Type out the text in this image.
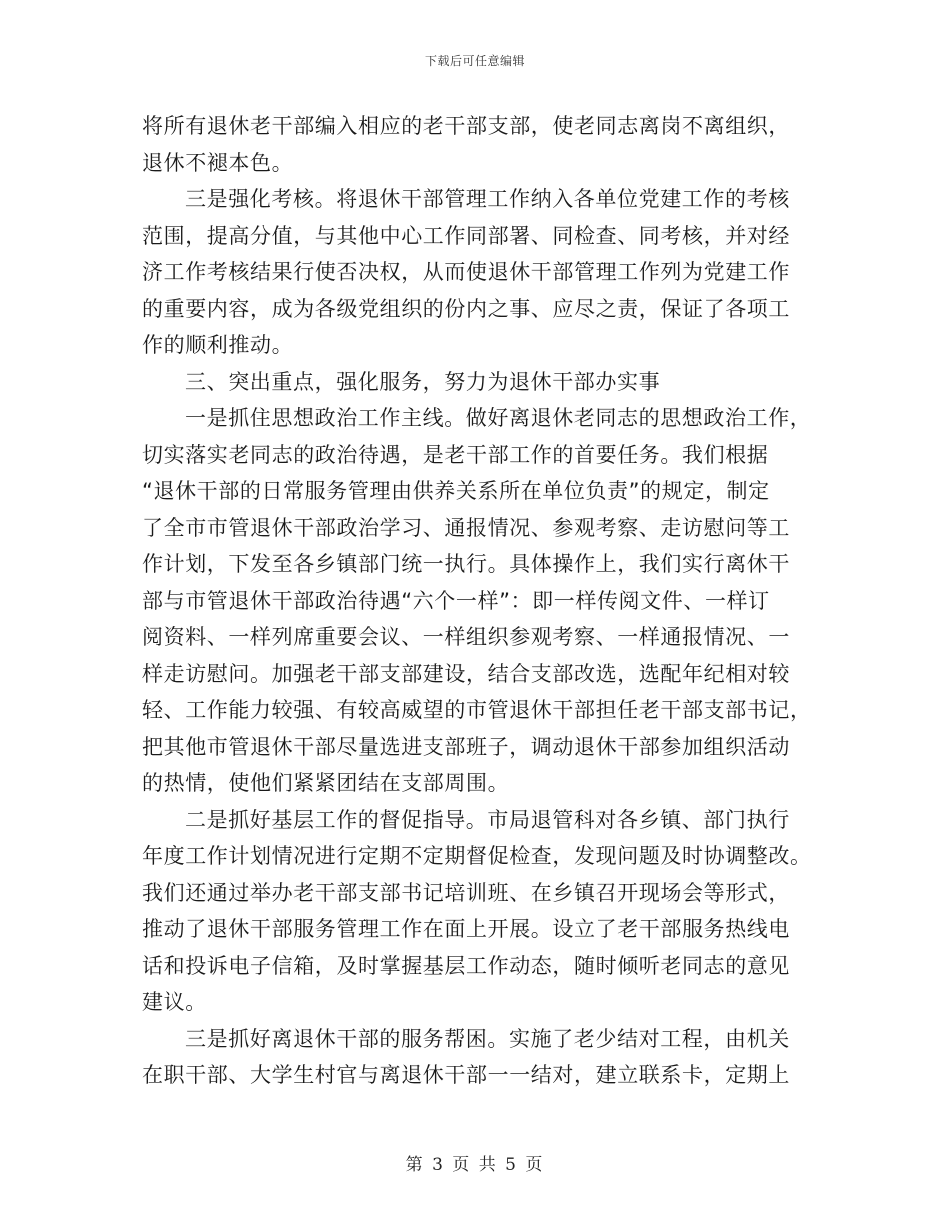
下载后可任意编辑
将所有退休老干部编入相应的老干部支部，使老同志离岗不离组织，
退休不褪本色。
三是强化考核。将退休干部管理工作纳入各单位党建工作的考核
范围，提高分值，与其他中心工作同部署、同检查、同考核，并对经
济工作考核结果行使否决权，从而使退休干部管理工作列为党建工作
的重要内容，成为各级党组织的份内之事、应尽之责，保证了各项工
作的顺利推动。
三、突出重点，强化服务，努力为退休干部办实事
一是抓住思想政治工作主线。做好离退休老同志的思想政治工作，
切实落实老同志的政治待遇，是老干部工作的首要任务。我们根据
“退休干部的日常服务管理由供养关系所在单位负责”的规定，制定
了全市市管退休干部政治学习、通报情况、参观考察、走访慰问等工
作计划，下发至各乡镇部门统一执行。具体操作上，我们实行离休干
部与市管退休干部政治待遇“六个一样”：即一样传阅文件、一样订
阅资料、一样列席重要会议、一样组织参观考察、一样通报情况、一
样走访慰问。加强老干部支部建设，结合支部改选，选配年纪相对较
轻、工作能力较强、有较高威望的市管退休干部担任老干部支部书记，
把其他市管退休干部尽量选进支部班子，调动退休干部参加组织活动
的热情，使他们紧紧团结在支部周围。
二是抓好基层工作的督促指导。市局退管科对各乡镇、部门执行
年度工作计划情况进行定期不定期督促检查，发现问题及时协调整改。
我们还通过举办老干部支部书记培训班、在乡镇召开现场会等形式，
推动了退休干部服务管理工作在面上开展。设立了老干部服务热线电
话和投诉电子信箱，及时掌握基层工作动态，随时倾听老同志的意见
建议。
三是抓好离退休干部的服务帮困。实施了老少结对工程，由机关
在职干部、大学生村官与离退休干部一一结对，建立联系卡，定期上
第 3 页 共 5 页
